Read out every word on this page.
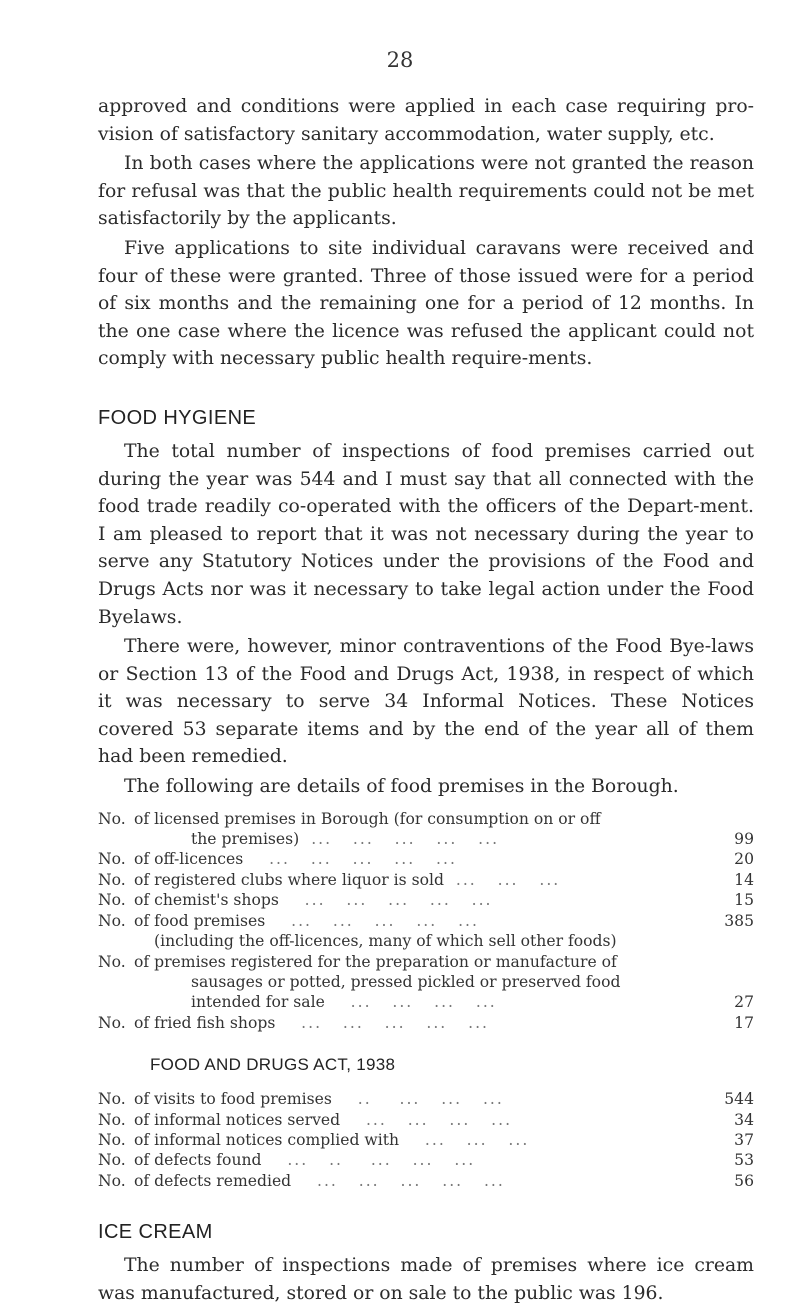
28

approved and conditions were applied in each case requiring pro-vision of satisfactory sanitary accommodation, water supply, etc.

In both cases where the applications were not granted the reason for refusal was that the public health requirements could not be met satisfactorily by the applicants.

Five applications to site individual caravans were received and four of these were granted. Three of those issued were for a period of six months and the remaining one for a period of 12 months. In the one case where the licence was refused the applicant could not comply with necessary public health require-ments.

FOOD HYGIENE

The total number of inspections of food premises carried out during the year was 544 and I must say that all connected with the food trade readily co-operated with the officers of the Depart-ment. I am pleased to report that it was not necessary during the year to serve any Statutory Notices under the provisions of the Food and Drugs Acts nor was it necessary to take legal action under the Food Byelaws.

There were, however, minor contraventions of the Food Bye-laws or Section 13 of the Food and Drugs Act, 1938, in respect of which it was necessary to serve 34 Informal Notices. These Notices covered 53 separate items and by the end of the year all of them had been remedied.

The following are details of food premises in the Borough.

No. of licensed premises in Borough (for consumption on or off
the premises)  ...   ...   ...   ...   ...	99
No. of off-licences    ...   ...   ...   ...   ...	20
No. of registered clubs where liquor is sold  ...   ...   ...	14
No. of chemist's shops    ...   ...   ...   ...   ...	15
No. of food premises    ...   ...   ...   ...   ...	385
(including the off-licences, many of which sell other foods)
No. of premises registered for the preparation or manufacture of
sausages or potted, pressed pickled or preserved food
intended for sale    ...   ...   ...   ...	27
No. of fried fish shops    ...   ...   ...   ...   ...	17
FOOD AND DRUGS ACT, 1938
No. of visits to food premises    ..    ...   ...   ...	544
No. of informal notices served    ...   ...   ...   ...	34
No. of informal notices complied with    ...   ...   ...	37
No. of defects found    ...   ..    ...   ...   ...	53
No. of defects remedied    ...   ...   ...   ...   ...	56
ICE CREAM

The number of inspections made of premises where ice cream was manufactured, stored or on sale to the public was 196.
